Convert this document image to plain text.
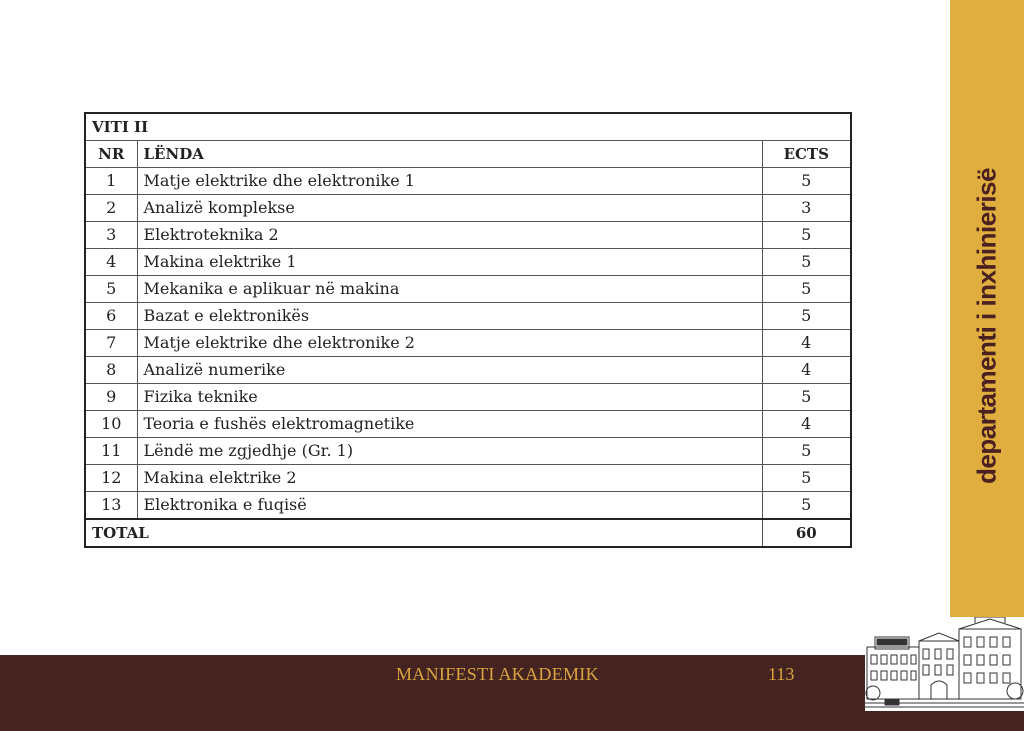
departamenti i inxhinierisë
VITI II		
NR	LËNDA	ECTS
1	Matje elektrike dhe elektronike 1	5
2	Analizë komplekse	3
3	Elektroteknika 2	5
4	Makina elektrike 1	5
5	Mekanika e aplikuar në makina	5
6	Bazat e elektronikës	5
7	Matje elektrike dhe elektronike 2	4
8	Analizë numerike	4
9	Fizika teknike	5
10	Teoria e fushës elektromagnetike	4
11	Lëndë me zgjedhje (Gr. 1)	5
12	Makina elektrike 2	5
13	Elektronika e fuqisë	5
TOTAL		60
MANIFESTI AKADEMIK	113
